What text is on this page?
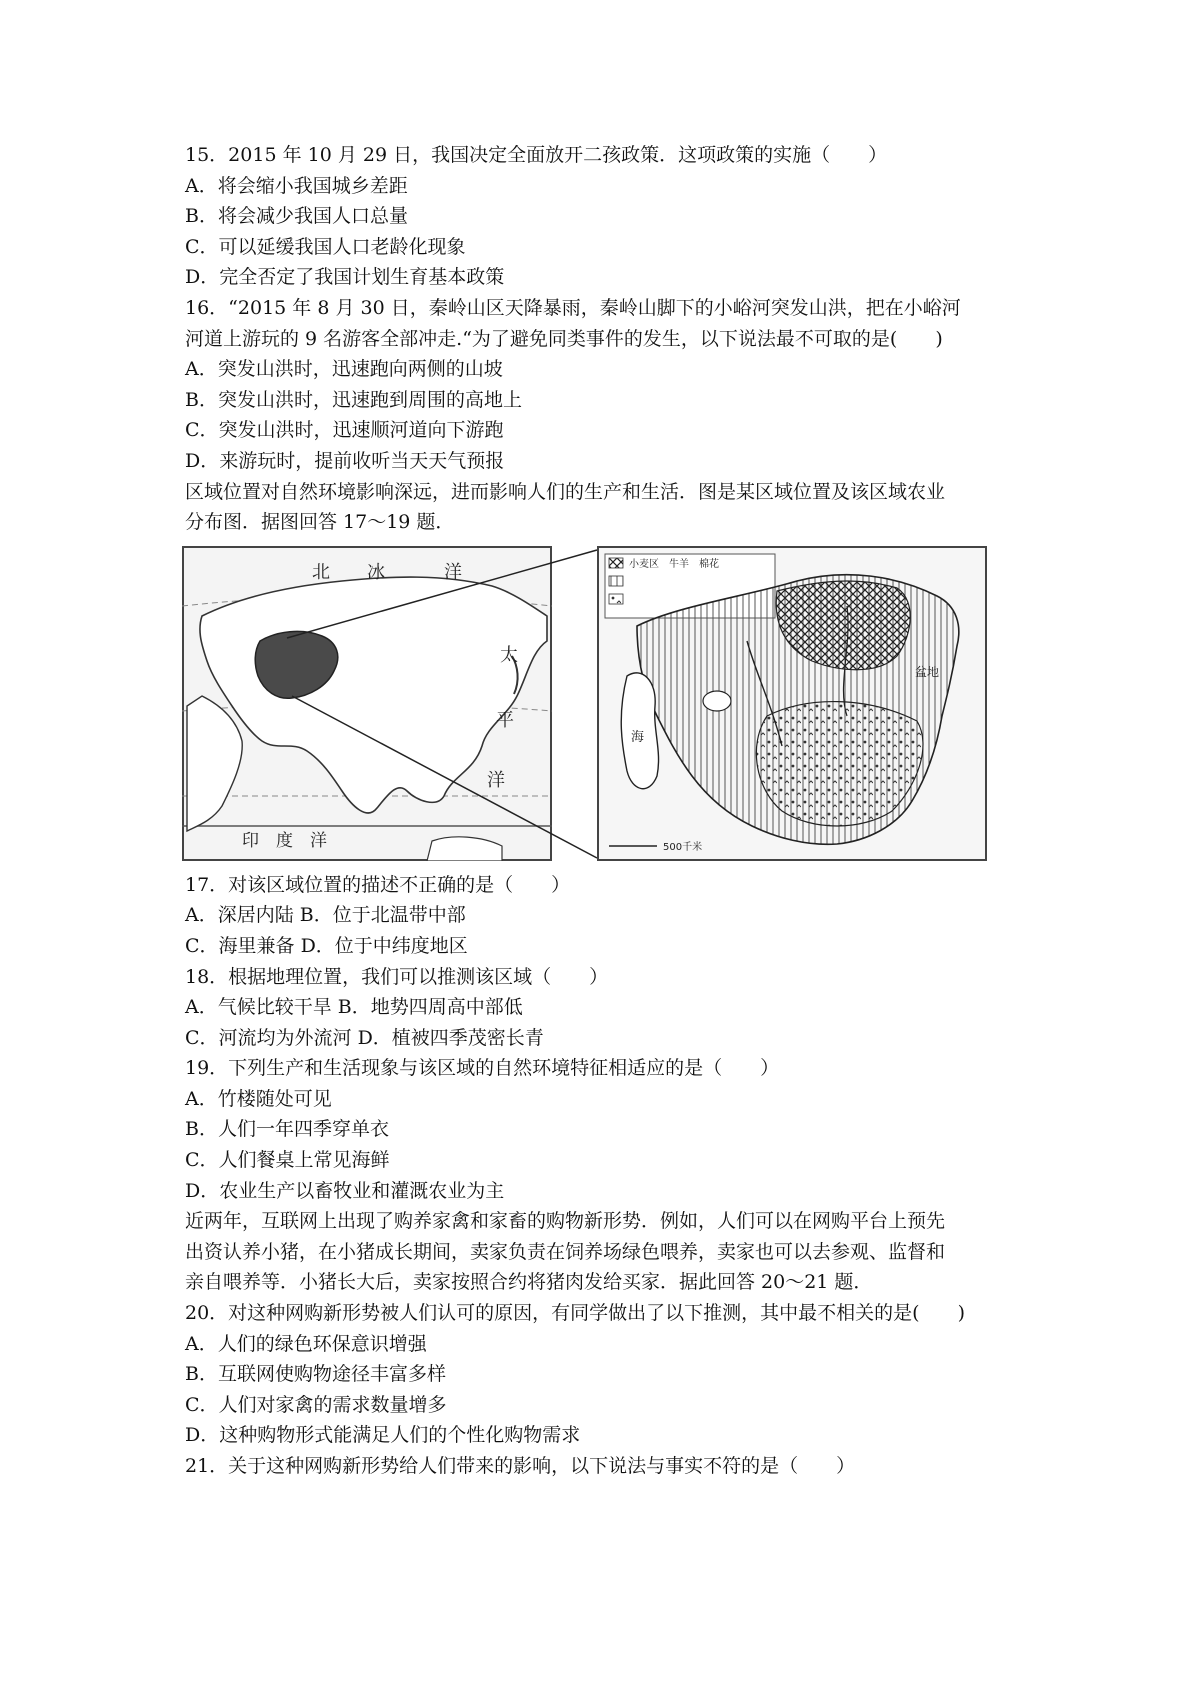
15．2015 年 10 月 29 日，我国决定全面放开二孩政策．这项政策的实施（　　）
A．将会缩小我国城乡差距
B．将会减少我国人口总量
C．可以延缓我国人口老龄化现象
D．完全否定了我国计划生育基本政策
16．“2015 年 8 月 30 日，秦岭山区天降暴雨，秦岭山脚下的小峪河突发山洪，把在小峪河
河道上游玩的 9 名游客全部冲走.“为了避免同类事件的发生，以下说法最不可取的是(　　)
A．突发山洪时，迅速跑向两侧的山坡
B．突发山洪时，迅速跑到周围的高地上
C．突发山洪时，迅速顺河道向下游跑
D．来游玩时，提前收听当天天气预报
区域位置对自然环境影响深远，进而影响人们的生产和生活．图是某区域位置及该区域农业
分布图．据图回答 17～19 题．
北 冰	洋
太
平
洋
印　度　洋
小麦区　牛羊　棉花
海
盆地
500千米
17．对该区域位置的描述不正确的是（　　）
A．深居内陆 B．位于北温带中部
C．海里兼备 D．位于中纬度地区
18．根据地理位置，我们可以推测该区域（　　）
A．气候比较干旱 B．地势四周高中部低
C．河流均为外流河 D．植被四季茂密长青
19．下列生产和生活现象与该区域的自然环境特征相适应的是（　　）
A．竹楼随处可见
B．人们一年四季穿单衣
C．人们餐桌上常见海鲜
D．农业生产以畜牧业和灌溉农业为主
近两年，互联网上出现了购养家禽和家畜的购物新形势．例如，人们可以在网购平台上预先
出资认养小猪，在小猪成长期间，卖家负责在饲养场绿色喂养，卖家也可以去参观、监督和
亲自喂养等．小猪长大后，卖家按照合约将猪肉发给买家．据此回答 20～21 题．
20．对这种网购新形势被人们认可的原因，有同学做出了以下推测，其中最不相关的是(　　)
A．人们的绿色环保意识增强
B．互联网使购物途径丰富多样
C．人们对家禽的需求数量增多
D．这种购物形式能满足人们的个性化购物需求
21．关于这种网购新形势给人们带来的影响，以下说法与事实不符的是（　　）
